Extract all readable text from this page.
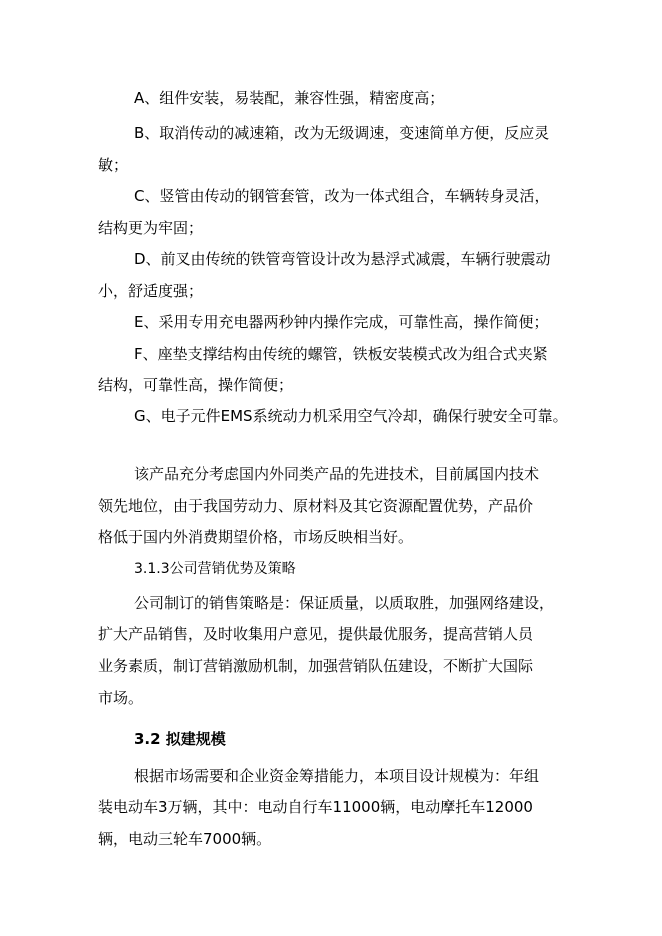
A、组件安装，易装配，兼容性强，精密度高；
B、取消传动的减速箱，改为无级调速，变速简单方便，反应灵
敏；
C、竖管由传动的钢管套管，改为一体式组合，车辆转身灵活，
结构更为牢固；
D、前叉由传统的铁管弯管设计改为悬浮式减震，车辆行驶震动
小，舒适度强；
E、采用专用充电器两秒钟内操作完成，可靠性高，操作简便；
F、座垫支撑结构由传统的螺管，铁板安装模式改为组合式夹紧
结构，可靠性高，操作简便；
G、电子元件EMS系统动力机采用空气冷却，确保行驶安全可靠。
该产品充分考虑国内外同类产品的先进技术，目前属国内技术
领先地位，由于我国劳动力、原材料及其它资源配置优势，产品价
格低于国内外消费期望价格，市场反映相当好。
3.1.3公司营销优势及策略
公司制订的销售策略是：保证质量，以质取胜，加强网络建设，
扩大产品销售，及时收集用户意见，提供最优服务，提高营销人员
业务素质，制订营销激励机制，加强营销队伍建设，不断扩大国际
市场。
3.2 拟建规模
根据市场需要和企业资金筹措能力，本项目设计规模为：年组
装电动车3万辆，其中：电动自行车11000辆，电动摩托车12000
辆，电动三轮车7000辆。
